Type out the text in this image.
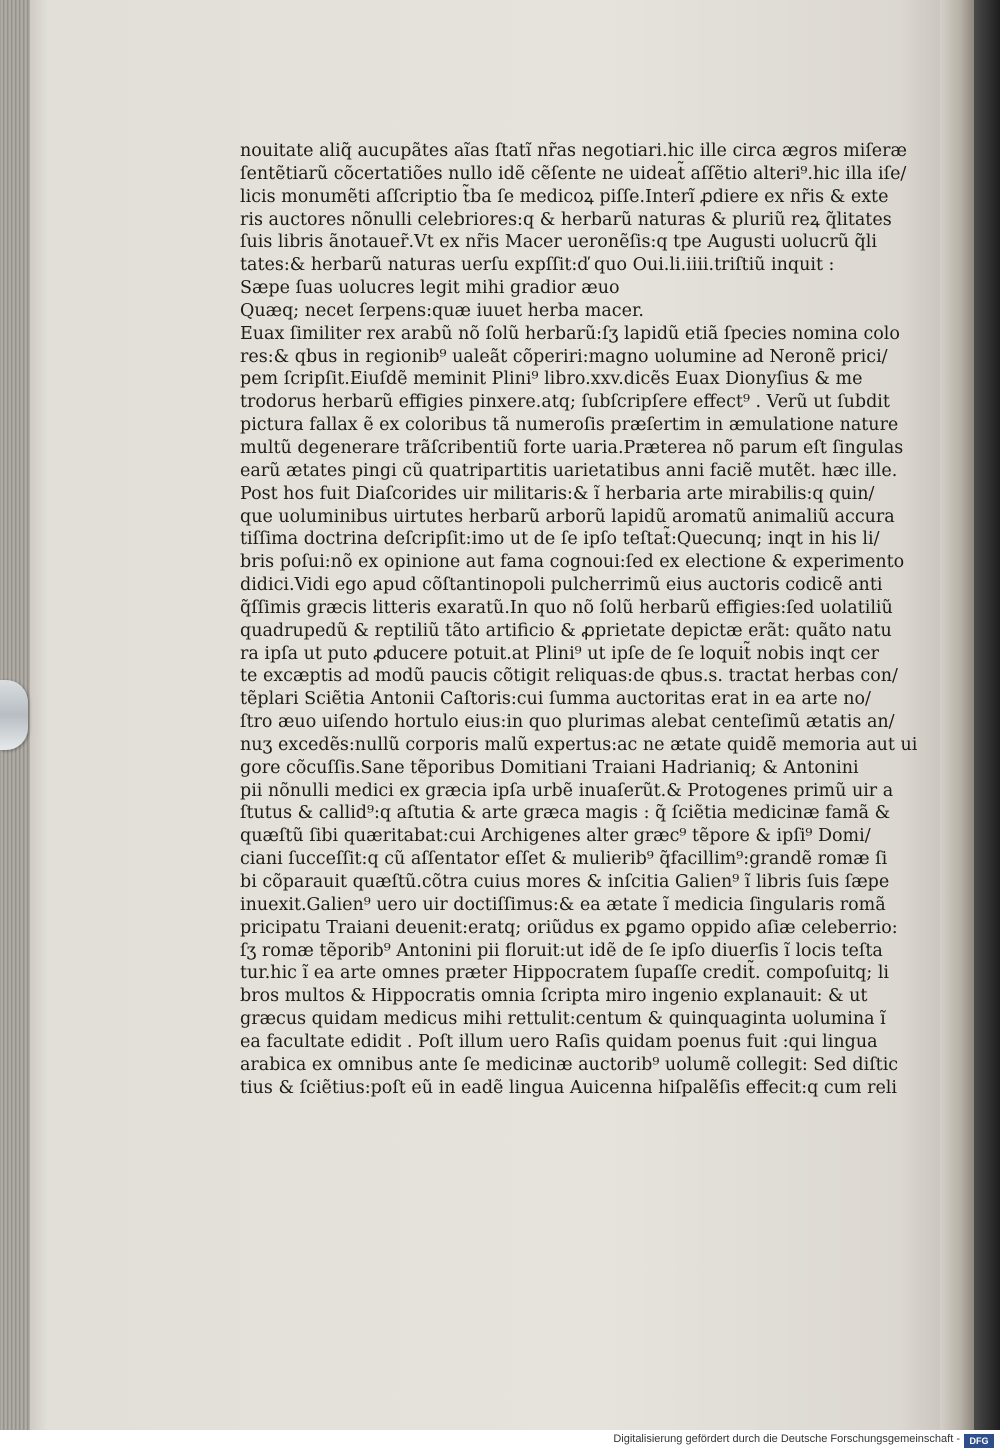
nouitate aliq̃ aucupãtes aĩas ſtatĩ nr̃as negotiari.hic ille circa ægros miſeræ
ſentẽtiarũ cõcertatiões nullo idẽ cẽſente ne uideat̃ aſſẽtio alteri⁹.hic illa iſe/
licis monumẽti aſſcriptio t̃ba ſe medicoꝝ piſſe.Interĩ ꝓdiere ex nr̃is & exte
ris auctores nõnulli celebriores:q & herbarũ naturas & pluriũ reꝝ q̃litates
ſuis libris ãnotauer̃.Vt ex nr̃is Macer ueronẽſis:q tpe Augusti uolucrũ q̃li
tates:& herbarũ naturas uerſu expſſit:ď quo Oui.li.iiii.triſtiũ inquit :
Sæpe ſuas uolucres legit mihi gradior æuo
Quæq; necet ſerpens:quæ iuuet herba macer.
Euax ſimiliter rex arabũ nõ ſolũ herbarũ:ſʒ lapidũ etiã ſpecies nomina colo
res:& qbus in regionib⁹ ualeãt cõperiri:magno uolumine ad Neronẽ prici/
pem ſcripſit.Eiuſdẽ meminit Plini⁹ libro.xxv.dicẽs Euax Dionyſius & me
trodorus herbarũ effigies pinxere.atq; ſubſcripſere effect⁹ . Verũ ut ſubdit
pictura fallax ẽ ex coloribus tã numeroſis præſertim in æmulatione nature
multũ degenerare trãſcribentiũ forte uaria.Præterea nõ parum eſt ſingulas
earũ ætates pingi cũ quatripartitis uarietatibus anni faciẽ mutẽt. hæc ille.
Post hos fuit Diaſcorides uir militaris:& ĩ herbaria arte mirabilis:q quin/
que uoluminibus uirtutes herbarũ arborũ lapidũ aromatũ animaliũ accura
tiſſima doctrina deſcripſit:imo ut de ſe ipſo teſtat̃:Quecunq; inqt in his li/
bris poſui:nõ ex opinione aut fama cognoui:ſed ex electione & experimento
didici.Vidi ego apud cõſtantinopoli pulcherrimũ eius auctoris codicẽ anti
q̃ſſimis græcis litteris exaratũ.In quo nõ ſolũ herbarũ effigies:ſed uolatiliũ
quadrupedũ & reptiliũ tãto artificio & ꝓprietate depictæ erãt: quãto natu
ra ipſa ut puto ꝓducere potuit.at Plini⁹ ut ipſe de ſe loquit̃ nobis inqt cer
te excæptis ad modũ paucis cõtigit reliquas:de qbus.s. tractat herbas con/
tẽplari Sciẽtia Antonii Caſtoris:cui ſumma auctoritas erat in ea arte no/
ſtro æuo uiſendo hortulo eius:in quo plurimas alebat centeſimũ ætatis an/
nuʒ excedẽs:nullũ corporis malũ expertus:ac ne ætate quidẽ memoria aut ui
gore cõcuſſis.Sane tẽporibus Domitiani Traiani Hadrianiq; & Antonini
pii nõnulli medici ex græcia ipſa urbẽ inuaſerũt.& Protogenes primũ uir a
ſtutus & callid⁹:q aſtutia & arte græca magis : q̃ ſciẽtia medicinæ famã &
quæſtũ ſibi quæritabat:cui Archigenes alter græc⁹ tẽpore & ipſi⁹ Domi/
ciani ſucceſſit:q cũ aſſentator eſſet & mulierib⁹ q̃facillim⁹:grandẽ romæ ſi
bi cõparauit quæſtũ.cõtra cuius mores & inſcitia Galien⁹ ĩ libris ſuis ſæpe
inuexit.Galien⁹ uero uir doctiſſimus:& ea ætate ĩ medicia ſingularis romã
pricipatu Traiani deuenit:eratq; oriũdus ex ꝑgamo oppido aſiæ celeberrio:
ſʒ romæ tẽporib⁹ Antonini pii floruit:ut idẽ de ſe ipſo diuerſis ĩ locis teſta
tur.hic ĩ ea arte omnes præter Hippocratem ſupaſſe credit̃. compoſuitq; li
bros multos & Hippocratis omnia ſcripta miro ingenio explanauit: & ut
græcus quidam medicus mihi rettulit:centum & quinquaginta uolumina ĩ
ea facultate edidit . Poſt illum uero Raſis quidam poenus fuit :qui lingua
arabica ex omnibus ante ſe medicinæ auctorib⁹ uolumẽ collegit: Sed diſtic
tius & ſciẽtius:poſt eũ in eadẽ lingua Auicenna hiſpalẽſis effecit:q cum reli
Digitalisierung gefördert durch die Deutsche Forschungsgemeinschaft -	DFG
